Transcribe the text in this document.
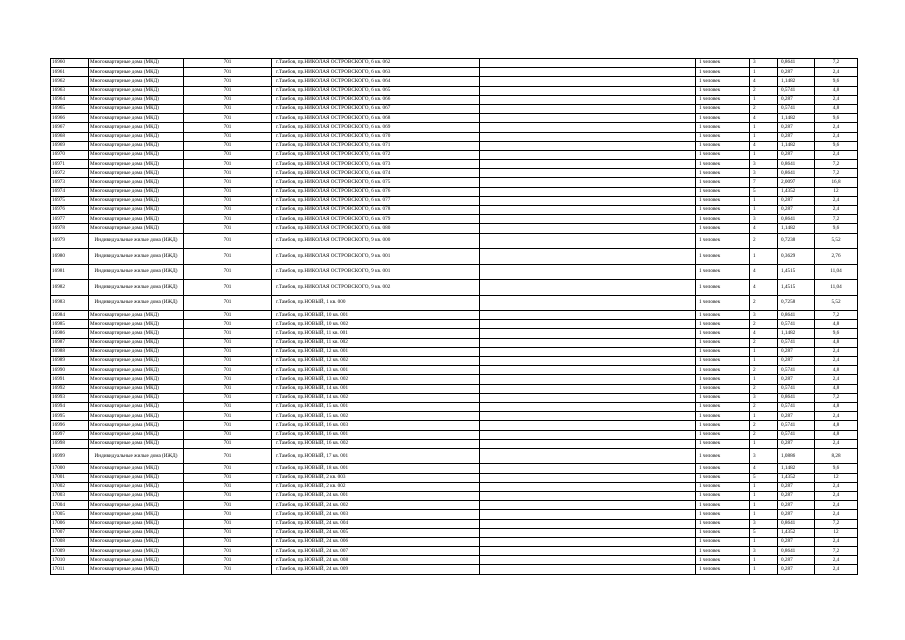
16960	Многоквартирные дома (МКД)	701	г.Тамбов, пр.НИКОЛАЯ ОСТРОВСКОГО, 6 кв. 062		1 человек	3	0,8641	7,2
16961	Многоквартирные дома (МКД)	701	г.Тамбов, пр.НИКОЛАЯ ОСТРОВСКОГО, 6 кв. 063		1 человек	1	0,287	2,4
16962	Многоквартирные дома (МКД)	701	г.Тамбов, пр.НИКОЛАЯ ОСТРОВСКОГО, 6 кв. 064		1 человек	4	1,1482	9,6
16963	Многоквартирные дома (МКД)	701	г.Тамбов, пр.НИКОЛАЯ ОСТРОВСКОГО, 6 кв. 065		1 человек	2	0,5741	4,8
16964	Многоквартирные дома (МКД)	701	г.Тамбов, пр.НИКОЛАЯ ОСТРОВСКОГО, 6 кв. 066		1 человек	1	0,287	2,4
16965	Многоквартирные дома (МКД)	701	г.Тамбов, пр.НИКОЛАЯ ОСТРОВСКОГО, 6 кв. 067		1 человек	2	0,5741	4,8
16966	Многоквартирные дома (МКД)	701	г.Тамбов, пр.НИКОЛАЯ ОСТРОВСКОГО, 6 кв. 068		1 человек	4	1,1482	9,6
16967	Многоквартирные дома (МКД)	701	г.Тамбов, пр.НИКОЛАЯ ОСТРОВСКОГО, 6 кв. 069		1 человек	1	0,287	2,4
16968	Многоквартирные дома (МКД)	701	г.Тамбов, пр.НИКОЛАЯ ОСТРОВСКОГО, 6 кв. 070		1 человек	1	0,287	2,4
16969	Многоквартирные дома (МКД)	701	г.Тамбов, пр.НИКОЛАЯ ОСТРОВСКОГО, 6 кв. 071		1 человек	4	1,1482	9,6
16970	Многоквартирные дома (МКД)	701	г.Тамбов, пр.НИКОЛАЯ ОСТРОВСКОГО, 6 кв. 072		1 человек	1	0,287	2,4
16971	Многоквартирные дома (МКД)	701	г.Тамбов, пр.НИКОЛАЯ ОСТРОВСКОГО, 6 кв. 073		1 человек	3	0,8641	7,2
16972	Многоквартирные дома (МКД)	701	г.Тамбов, пр.НИКОЛАЯ ОСТРОВСКОГО, 6 кв. 074		1 человек	3	0,8641	7,2
16973	Многоквартирные дома (МКД)	701	г.Тамбов, пр.НИКОЛАЯ ОСТРОВСКОГО, 6 кв. 075		1 человек	7	2,0097	16,8
16974	Многоквартирные дома (МКД)	701	г.Тамбов, пр.НИКОЛАЯ ОСТРОВСКОГО, 6 кв. 076		1 человек	5	1,4352	12
16975	Многоквартирные дома (МКД)	701	г.Тамбов, пр.НИКОЛАЯ ОСТРОВСКОГО, 6 кв. 077		1 человек	1	0,287	2,4
16976	Многоквартирные дома (МКД)	701	г.Тамбов, пр.НИКОЛАЯ ОСТРОВСКОГО, 6 кв. 078		1 человек	1	0,287	2,4
16977	Многоквартирные дома (МКД)	701	г.Тамбов, пр.НИКОЛАЯ ОСТРОВСКОГО, 6 кв. 079		1 человек	3	0,8641	7,2
16978	Многоквартирные дома (МКД)	701	г.Тамбов, пр.НИКОЛАЯ ОСТРОВСКОГО, 6 кв. 080		1 человек	4	1,1482	9,6
16979	Индивидуальные жилые дома (ИЖД)	701	г.Тамбов, пр.НИКОЛАЯ ОСТРОВСКОГО, 9 кв. 000		1 человек	2	0,7238	5,52
16980	Индивидуальные жилые дома (ИЖД)	701	г.Тамбов, пр.НИКОЛАЯ ОСТРОВСКОГО, 9 кв. 001		1 человек	1	0,3629	2,76
16981	Индивидуальные жилые дома (ИЖД)	701	г.Тамбов, пр.НИКОЛАЯ ОСТРОВСКОГО, 9 кв. 001		1 человек	4	1,4515	11,04
16982	Индивидуальные жилые дома (ИЖД)	701	г.Тамбов, пр.НИКОЛАЯ ОСТРОВСКОГО, 9 кв. 002		1 человек	4	1,4515	11,04
16983	Индивидуальные жилые дома (ИЖД)	701	г.Тамбов, пр.НОВЫЙ, 1 кв. 000		1 человек	2	0,7258	5,52
16984	Многоквартирные дома (МКД)	701	г.Тамбов, пр.НОВЫЙ, 10 кв. 001		1 человек	3	0,8641	7,2
16985	Многоквартирные дома (МКД)	701	г.Тамбов, пр.НОВЫЙ, 10 кв. 002		1 человек	2	0,5741	4,8
16986	Многоквартирные дома (МКД)	701	г.Тамбов, пр.НОВЫЙ, 11 кв. 001		1 человек	4	1,1482	9,6
16987	Многоквартирные дома (МКД)	701	г.Тамбов, пр.НОВЫЙ, 11 кв. 002		1 человек	2	0,5741	4,8
16988	Многоквартирные дома (МКД)	701	г.Тамбов, пр.НОВЫЙ, 12 кв. 001		1 человек	1	0,287	2,4
16989	Многоквартирные дома (МКД)	701	г.Тамбов, пр.НОВЫЙ, 12 кв. 002		1 человек	1	0,287	2,4
16990	Многоквартирные дома (МКД)	701	г.Тамбов, пр.НОВЫЙ, 13 кв. 001		1 человек	2	0,5741	4,8
16991	Многоквартирные дома (МКД)	701	г.Тамбов, пр.НОВЫЙ, 13 кв. 002		1 человек	1	0,287	2,4
16992	Многоквартирные дома (МКД)	701	г.Тамбов, пр.НОВЫЙ, 14 кв. 001		1 человек	2	0,5741	4,8
16993	Многоквартирные дома (МКД)	701	г.Тамбов, пр.НОВЫЙ, 14 кв. 002		1 человек	3	0,8641	7,2
16994	Многоквартирные дома (МКД)	701	г.Тамбов, пр.НОВЫЙ, 15 кв. 001		1 человек	2	0,5741	4,8
16995	Многоквартирные дома (МКД)	701	г.Тамбов, пр.НОВЫЙ, 15 кв. 002		1 человек	1	0,287	2,4
16996	Многоквартирные дома (МКД)	701	г.Тамбов, пр.НОВЫЙ, 16 кв. 003		1 человек	2	0,5741	4,8
16997	Многоквартирные дома (МКД)	701	г.Тамбов, пр.НОВЫЙ, 16 кв. 001		1 человек	2	0,5741	4,8
16998	Многоквартирные дома (МКД)	701	г.Тамбов, пр.НОВЫЙ, 16 кв. 002		1 человек	1	0,287	2,4
16999	Индивидуальные жилые дома (ИЖД)	701	г.Тамбов, пр.НОВЫЙ, 17 кв. 001		1 человек	3	1,0886	8,28
17000	Многоквартирные дома (МКД)	701	г.Тамбов, пр.НОВЫЙ, 18 кв. 001		1 человек	4	1,1482	9,6
17001	Многоквартирные дома (МКД)	701	г.Тамбов, пр.НОВЫЙ, 2 кв. 003		1 человек	5	1,4352	12
17002	Многоквартирные дома (МКД)	701	г.Тамбов, пр.НОВЫЙ, 2 кв. 002		1 человек	1	0,287	2,4
17003	Многоквартирные дома (МКД)	701	г.Тамбов, пр.НОВЫЙ, 24 кв. 001		1 человек	1	0,287	2,4
17004	Многоквартирные дома (МКД)	701	г.Тамбов, пр.НОВЫЙ, 24 кв. 002		1 человек	1	0,287	2,4
17005	Многоквартирные дома (МКД)	701	г.Тамбов, пр.НОВЫЙ, 24 кв. 003		1 человек	1	0,287	2,4
17006	Многоквартирные дома (МКД)	701	г.Тамбов, пр.НОВЫЙ, 24 кв. 004		1 человек	3	0,8641	7,2
17007	Многоквартирные дома (МКД)	701	г.Тамбов, пр.НОВЫЙ, 24 кв. 005		1 человек	5	1,4352	12
17008	Многоквартирные дома (МКД)	701	г.Тамбов, пр.НОВЫЙ, 24 кв. 006		1 человек	1	0,287	2,4
17009	Многоквартирные дома (МКД)	701	г.Тамбов, пр.НОВЫЙ, 24 кв. 007		1 человек	3	0,8641	7,2
17010	Многоквартирные дома (МКД)	701	г.Тамбов, пр.НОВЫЙ, 24 кв. 008		1 человек	1	0,287	2,4
17011	Многоквартирные дома (МКД)	701	г.Тамбов, пр.НОВЫЙ, 24 кв. 009		1 человек	1	0,287	2,4
